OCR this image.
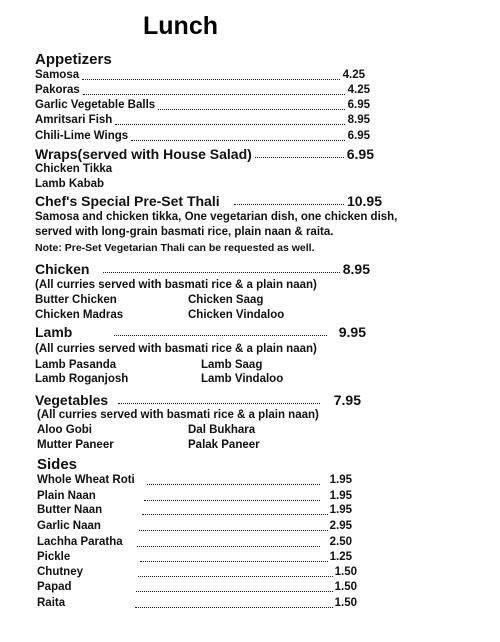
Lunch
Appetizers
Samosa	4.25
Pakoras	4.25
Garlic Vegetable Balls	6.95
Amritsari Fish	8.95
Chili-Lime Wings	6.95
Wraps(served with House Salad)	6.95
Chicken Tikka
Lamb Kabab
Chef's Special Pre-Set Thali	10.95
Samosa and chicken tikka, One vegetarian dish, one chicken dish,
served with long-grain basmati rice, plain naan & raita.
Note: Pre-Set Vegetarian Thali can be requested as well.
Chicken	8.95
(All curries served with basmati rice & a plain naan)
Butter Chicken	Chicken Saag
Chicken Madras	Chicken Vindaloo
Lamb	9.95
(All curries served with basmati rice & a plain naan)
Lamb Pasanda	Lamb Saag
Lamb Roganjosh	Lamb Vindaloo
Vegetables	7.95
(All curries served with basmati rice & a plain naan)
Aloo Gobi	Dal Bukhara
Mutter Paneer	Palak Paneer
Sides
Whole Wheat Roti	1.95
Plain Naan	1.95
Butter Naan	1.95
Garlic Naan	2.95
Lachha Paratha	2.50
Pickle	1.25
Chutney	1.50
Papad	1.50
Raita	1.50
